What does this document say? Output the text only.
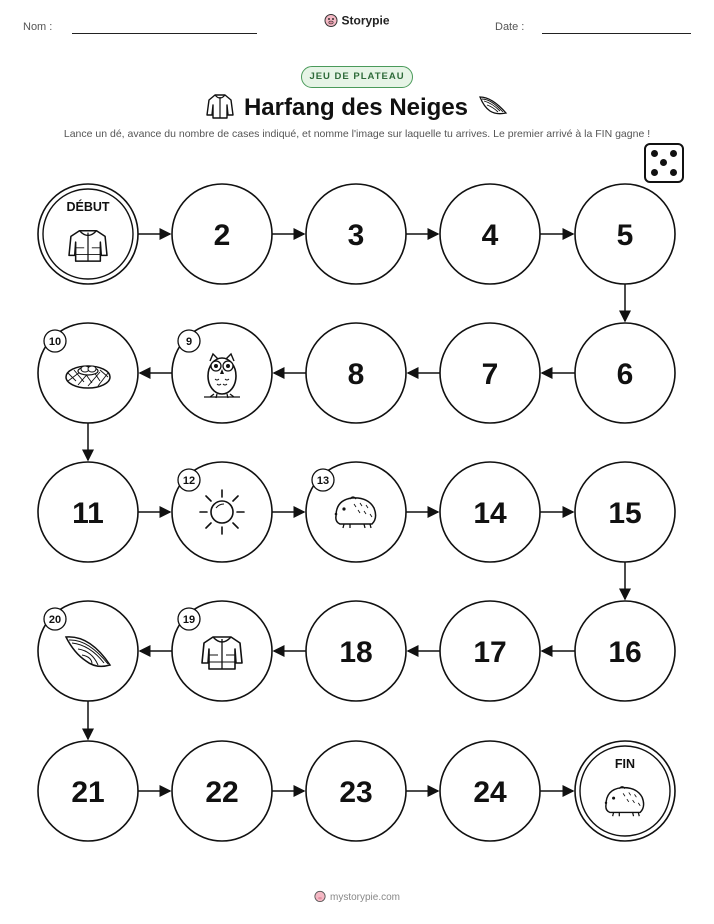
Nom :	Storypie	Date :
JEU DE PLATEAU
Harfang des Neiges
Lance un dé, avance du nombre de cases indiqué, et nomme l'image sur laquelle tu arrives. Le premier arrivé à la FIN gagne !
DÉBUT
2	3	4	5
6
7
8
9
10
11
12	13
14	15
16
17
18
19
20
21	22	23	24
FIN
mystorypie.com
